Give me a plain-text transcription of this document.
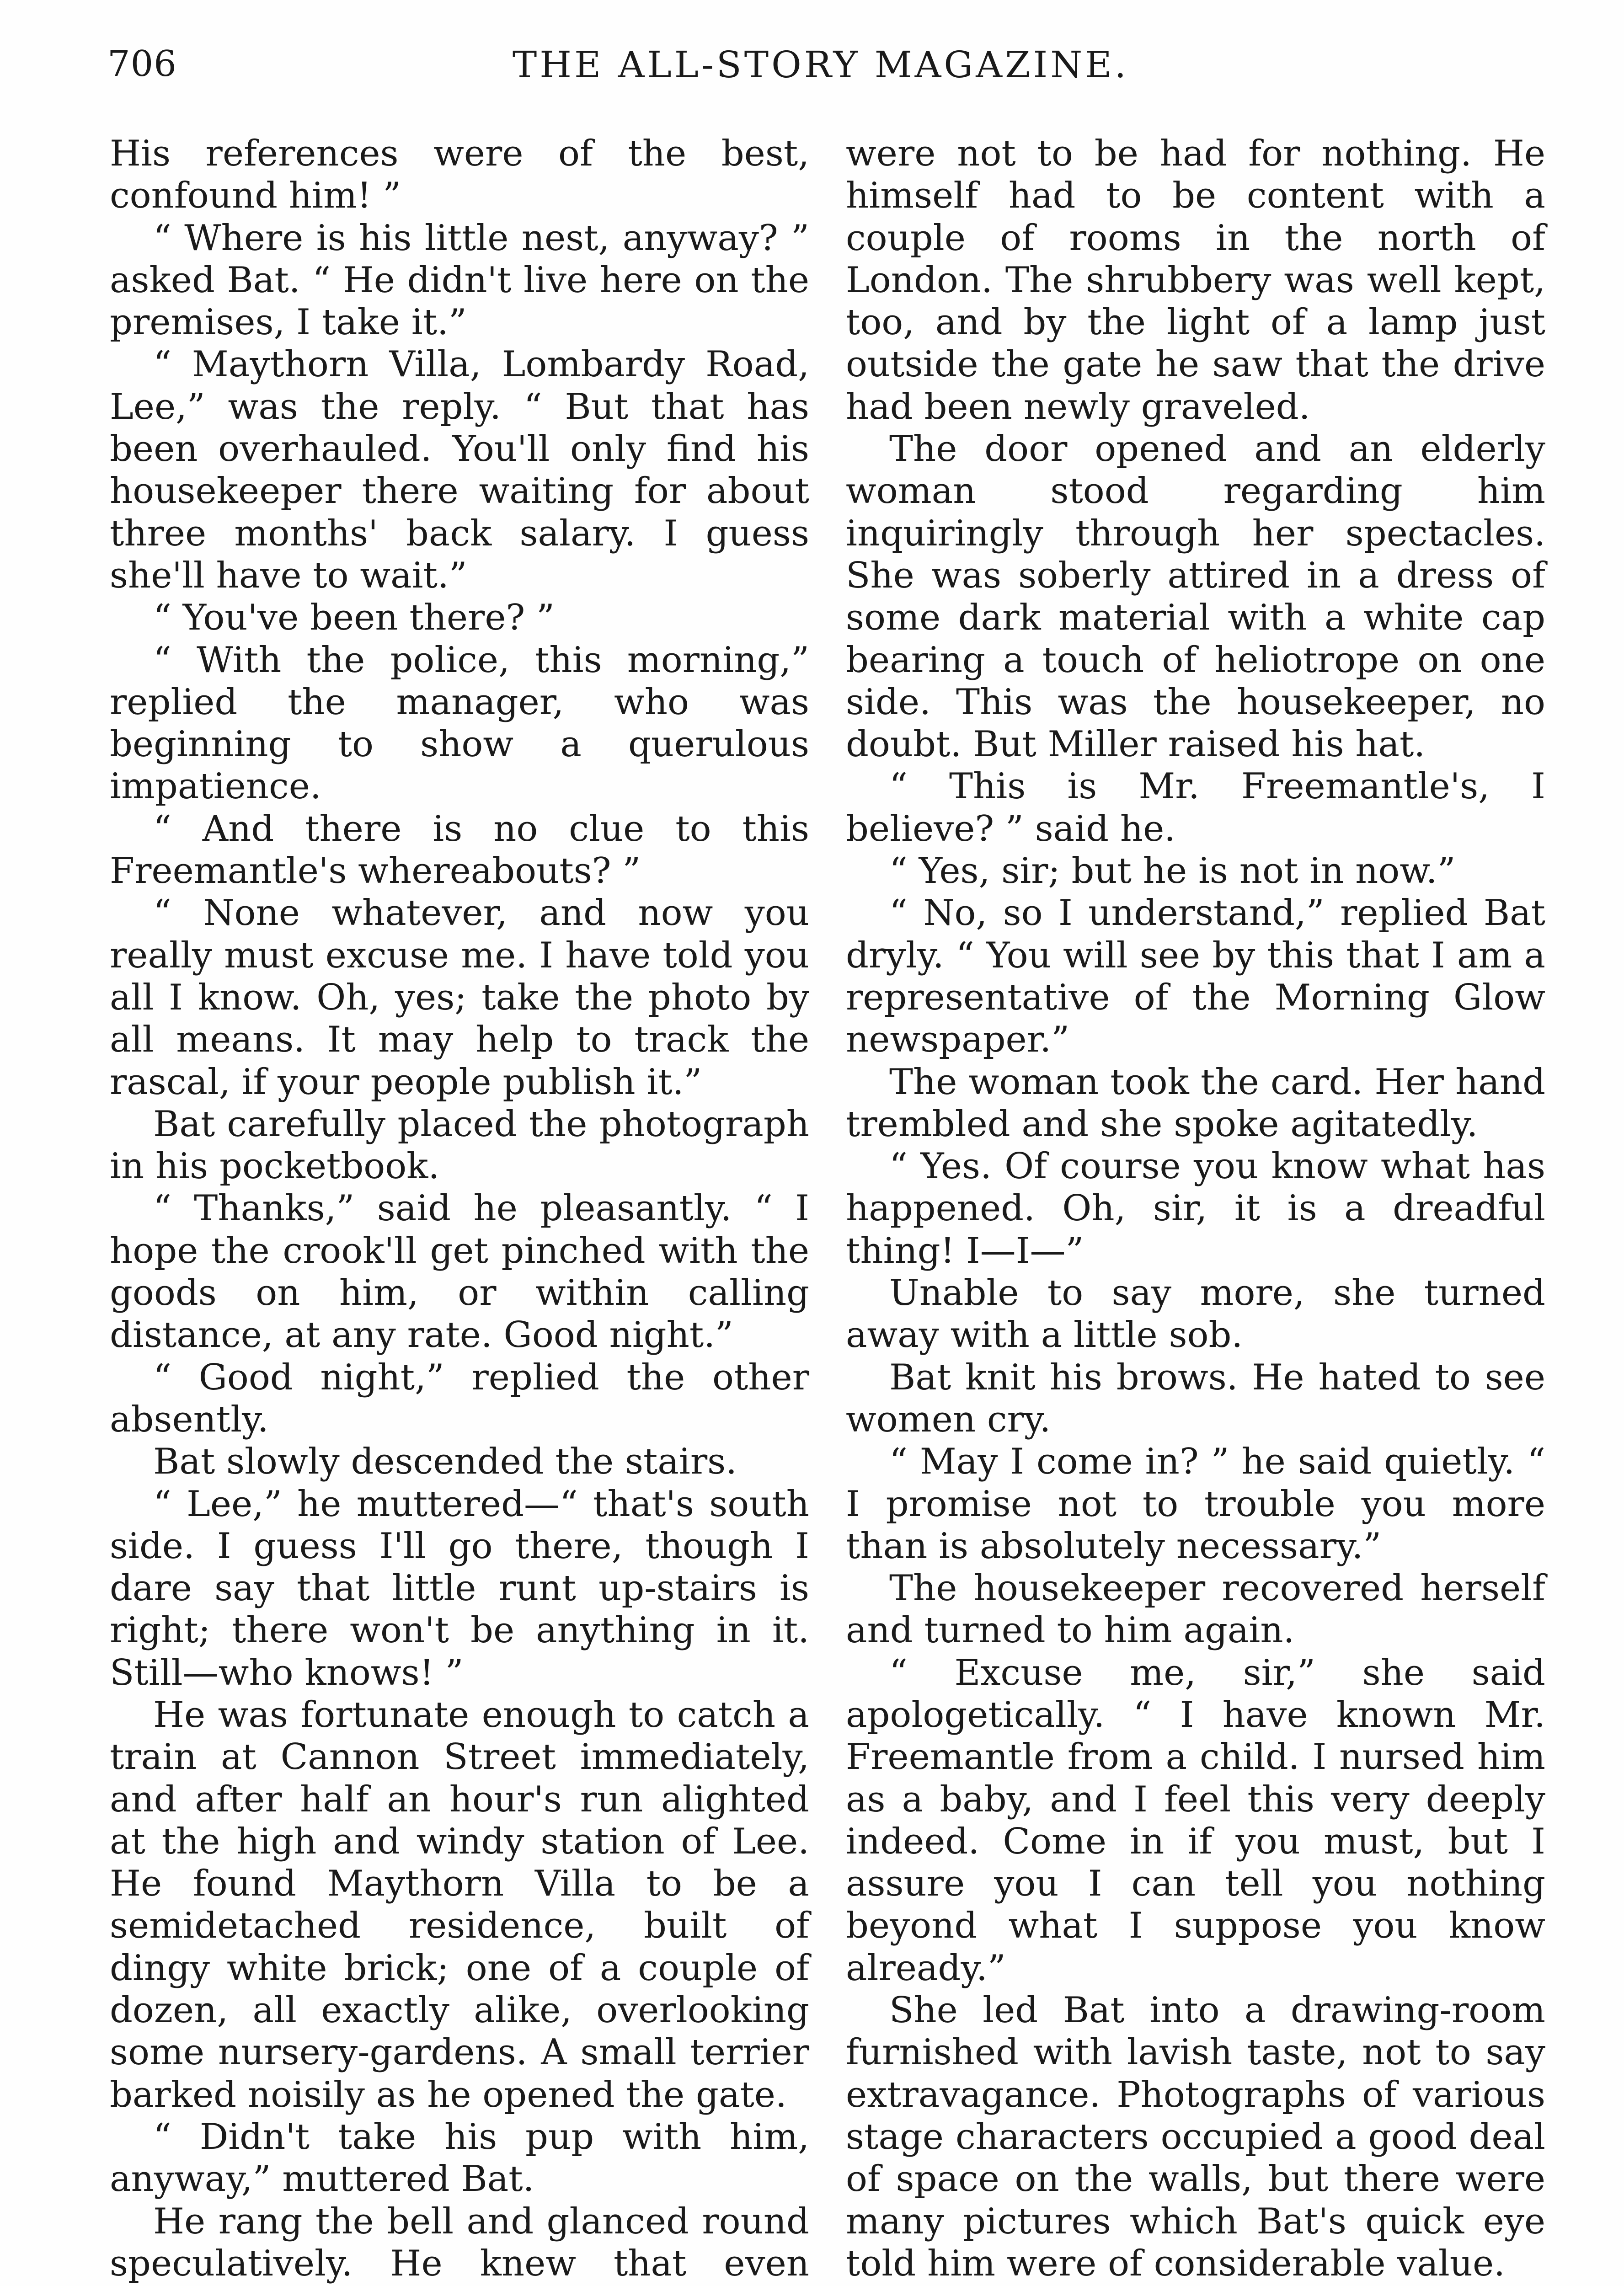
706	THE ALL-STORY MAGAZINE.

His references were of the best, confound him! ”

“ Where is his little nest, anyway? ” asked Bat. “ He didn't live here on the premises, I take it.”

“ Maythorn Villa, Lombardy Road, Lee,” was the reply. “ But that has been overhauled. You'll only find his housekeeper there waiting for about three months' back salary. I guess she'll have to wait.”

“ You've been there? ”

“ With the police, this morning,” replied the manager, who was beginning to show a querulous impatience.

“ And there is no clue to this Freemantle's whereabouts? ”

“ None whatever, and now you really must excuse me. I have told you all I know. Oh, yes; take the photo by all means. It may help to track the rascal, if your people publish it.”

Bat carefully placed the photograph in his pocketbook.

“ Thanks,” said he pleasantly. “ I hope the crook'll get pinched with the goods on him, or within calling distance, at any rate. Good night.”

“ Good night,” replied the other absently.

Bat slowly descended the stairs.

“ Lee,” he muttered—“ that's south side. I guess I'll go there, though I dare say that little runt up-stairs is right; there won't be anything in it. Still—who knows! ”

He was fortunate enough to catch a train at Cannon Street immediately, and after half an hour's run alighted at the high and windy station of Lee. He found Maythorn Villa to be a semidetached residence, built of dingy white brick; one of a couple of dozen, all exactly alike, overlooking some nursery-gardens. A small terrier barked noisily as he opened the gate.

“ Didn't take his pup with him, anyway,” muttered Bat.

He rang the bell and glanced round speculatively. He knew that even

were not to be had for nothing. He himself had to be content with a couple of rooms in the north of London. The shrubbery was well kept, too, and by the light of a lamp just outside the gate he saw that the drive had been newly graveled.

The door opened and an elderly woman stood regarding him inquiringly through her spectacles. She was soberly attired in a dress of some dark material with a white cap bearing a touch of heliotrope on one side. This was the housekeeper, no doubt. But Miller raised his hat.

“ This is Mr. Freemantle's, I believe? ” said he.

“ Yes, sir; but he is not in now.”

“ No, so I understand,” replied Bat dryly. “ You will see by this that I am a representative of the Morning Glow newspaper.”

The woman took the card. Her hand trembled and she spoke agitatedly.

“ Yes. Of course you know what has happened. Oh, sir, it is a dreadful thing! I—I—”

Unable to say more, she turned away with a little sob.

Bat knit his brows. He hated to see women cry.

“ May I come in? ” he said quietly. “ I promise not to trouble you more than is absolutely necessary.”

The housekeeper recovered herself and turned to him again.

“ Excuse me, sir,” she said apologetically. “ I have known Mr. Freemantle from a child. I nursed him as a baby, and I feel this very deeply indeed. Come in if you must, but I assure you I can tell you nothing beyond what I suppose you know already.”

She led Bat into a drawing-room furnished with lavish taste, not to say extravagance. Photographs of various stage characters occupied a good deal of space on the walls, but there were many pictures which Bat's quick eye told him were of considerable value.
